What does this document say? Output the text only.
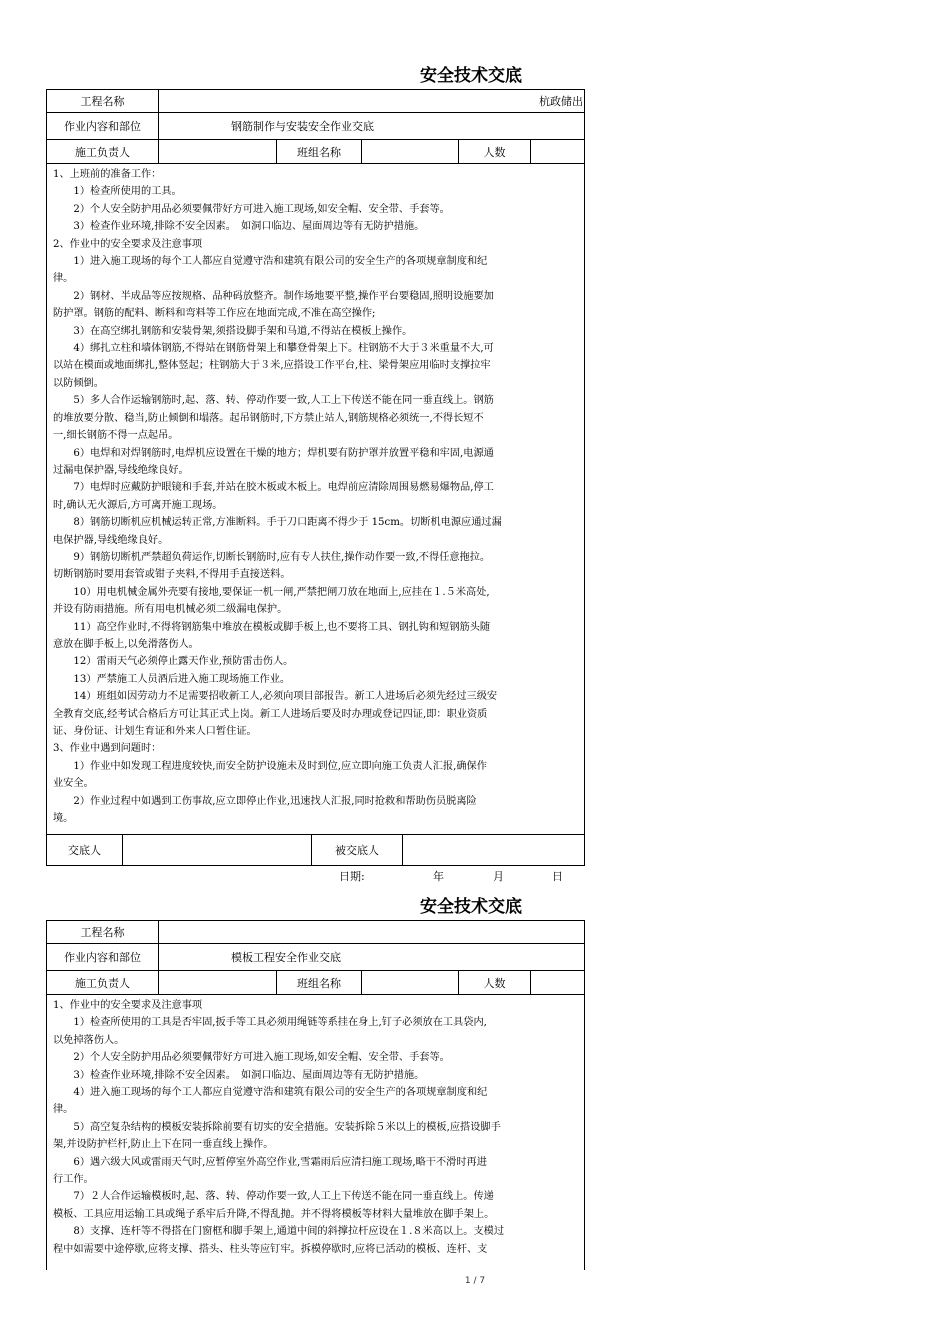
安全技术交底
工程名称	杭政储出
作业内容和部位	钢筋制作与安装安全作业交底
施工负责人	班组名称	人数
1、上班前的准备工作：
　　1）检查所使用的工具。
　　2）个人安全防护用品必须要佩带好方可进入施工现场,如安全帽、安全带、手套等。
　　3）检查作业环境,排除不安全因素。　如洞口临边、屋面周边等有无防护措施。
2、作业中的安全要求及注意事项
　　1）进入施工现场的每个工人都应自觉遵守浩和建筑有限公司的安全生产的各项规章制度和纪
律。
　　2）钢材、半成品等应按规格、品种码放整齐。制作场地要平整,操作平台要稳固,照明设施要加
防护罩。钢筋的配料、断料和弯料等工作应在地面完成,不准在高空操作;
　　3）在高空绑扎钢筋和安装骨架,须搭设脚手架和马道,不得站在模板上操作。
　　4）绑扎立柱和墙体钢筋,不得站在钢筋骨架上和攀登骨架上下。柱钢筋不大于３米重量不大,可
以站在模面或地面绑扎,整体竖起；柱钢筋大于３米,应搭设工作平台,柱、梁骨架应用临时支撑拉牢
以防倾倒。
　　5）多人合作运输钢筋时,起、落、转、停动作要一致,人工上下传送不能在同一垂直线上。钢筋
的堆放要分散、稳当,防止倾倒和塌落。起吊钢筋时,下方禁止站人,钢筋规格必须统一,不得长短不
一,细长钢筋不得一点起吊。
　　6）电焊和对焊钢筋时,电焊机应设置在干燥的地方；焊机要有防护罩并放置平稳和牢固,电源通
过漏电保护器,导线绝缘良好。
　　7）电焊时应戴防护眼镜和手套,并站在胶木板或木板上。电焊前应清除周围易燃易爆物品,停工
时,确认无火源后,方可离开施工现场。
　　8）钢筋切断机应机械运转正常,方准断料。手于刀口距离不得少于 15cm。切断机电源应通过漏
电保护器,导线绝缘良好。
　　9）钢筋切断机严禁超负荷运作,切断长钢筋时,应有专人扶住,操作动作要一致,不得任意拖拉。
切断钢筋时要用套管或钳子夹料,不得用手直接送料。
　　10）用电机械金属外壳要有接地,要保证一机一闸,严禁把闸刀放在地面上,应挂在１.５米高处,
并设有防雨措施。所有用电机械必须二级漏电保护。
　　11）高空作业时,不得将钢筋集中堆放在模板或脚手板上,也不要将工具、钢扎钩和短钢筋头随
意放在脚手板上,以免滑落伤人。
　　12）雷雨天气必须停止露天作业,预防雷击伤人。
　　13）严禁施工人员酒后进入施工现场施工作业。
　　14）班组如因劳动力不足需要招收新工人,必须向项目部报告。新工人进场后必须先经过三级安
全教育交底,经考试合格后方可让其正式上岗。新工人进场后要及时办理或登记四证,即：职业资质
证、身份证、计划生育证和外来人口暂住证。
3、作业中遇到问题时：
　　1）作业中如发现工程进度较快,而安全防护设施未及时到位,应立即向施工负责人汇报,确保作
业安全。
　　2）作业过程中如遇到工伤事故,应立即停止作业,迅速找人汇报,同时抢救和帮助伤员脱离险
境。
交底人	被交底人
日期:	年	月	日
安全技术交底
工程名称
作业内容和部位	模板工程安全作业交底
施工负责人	班组名称	人数
1、作业中的安全要求及注意事项
　　1）检查所使用的工具是否牢固,扳手等工具必须用绳链等系挂在身上,钉子必须放在工具袋内,
以免掉落伤人。
　　2）个人安全防护用品必须要佩带好方可进入施工现场,如安全帽、安全带、手套等。
　　3）检查作业环境,排除不安全因素。　如洞口临边、屋面周边等有无防护措施。
　　4）进入施工现场的每个工人都应自觉遵守浩和建筑有限公司的安全生产的各项规章制度和纪
律。
　　5）高空复杂结构的模板安装拆除前要有切实的安全措施。安装拆除５米以上的模板,应搭设脚手
架,并设防护栏杆,防止上下在同一垂直线上操作。
　　6）遇六级大风或雷雨天气时,应暂停室外高空作业,雪霜雨后应清扫施工现场,略干不滑时再进
行工作。
　　7）２人合作运输模板时,起、落、转、停动作要一致,人工上下传送不能在同一垂直线上。传递
模板、工具应用运输工具或绳子系牢后升降,不得乱抛。并不得将模板等材料大量堆放在脚手架上。
　　8）支撑、连杆等不得搭在门窗框和脚手架上,通道中间的斜撑拉杆应设在１.８米高以上。支模过
程中如需要中途停歇,应将支撑、搭头、柱头等应钉牢。拆模停歇时,应将已活动的模板、连杆、支
1 / 7
